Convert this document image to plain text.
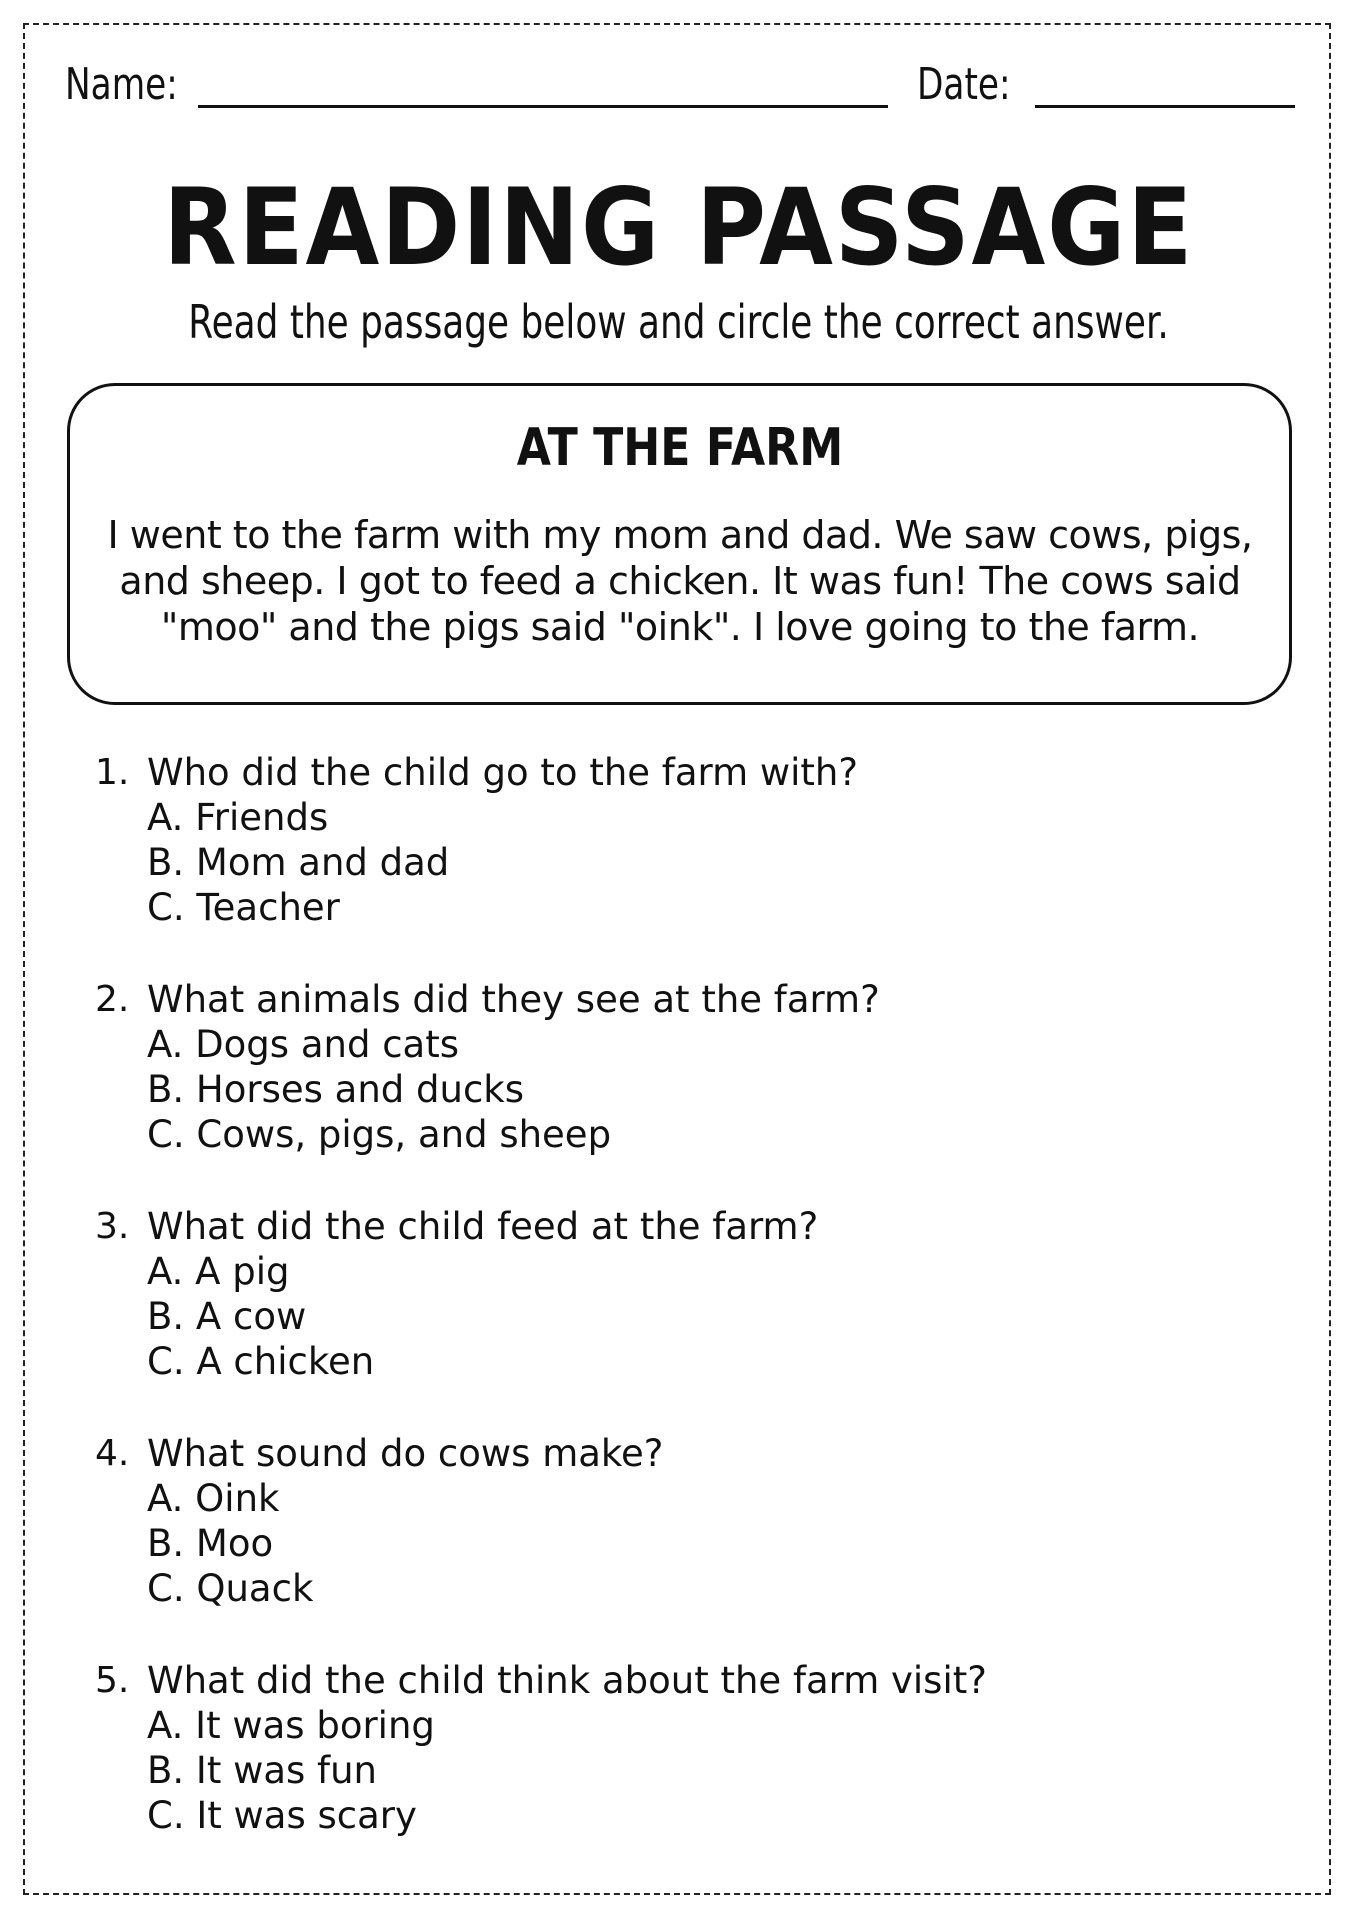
Name:	Date:
READING PASSAGE
Read the passage below and circle the correct answer.
AT THE FARM
I went to the farm with my mom and dad. We saw cows, pigs, and sheep. I got to feed a chicken. It was fun! The cows said "moo" and the pigs said "oink". I love going to the farm.
1. Who did the child go to the farm with?
A. Friends
B. Mom and dad
C. Teacher
2. What animals did they see at the farm?
A. Dogs and cats
B. Horses and ducks
C. Cows, pigs, and sheep
3. What did the child feed at the farm?
A. A pig
B. A cow
C. A chicken
4. What sound do cows make?
A. Oink
B. Moo
C. Quack
5. What did the child think about the farm visit?
A. It was boring
B. It was fun
C. It was scary
